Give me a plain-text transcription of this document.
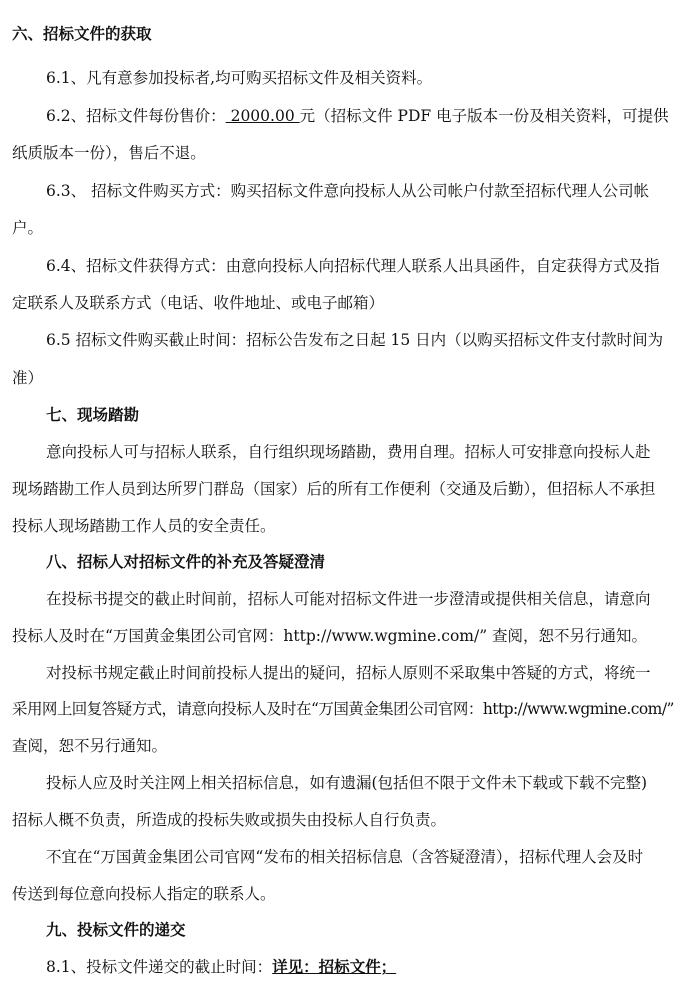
六、招标文件的获取
6.1、凡有意参加投标者,均可购买招标文件及相关资料。
6.2、招标文件每份售价： 2000.00 元（招标文件 PDF 电子版本一份及相关资料，可提供
纸质版本一份），售后不退。
6.3、 招标文件购买方式：购买招标文件意向投标人从公司帐户付款至招标代理人公司帐
户。
6.4、招标文件获得方式：由意向投标人向招标代理人联系人出具函件，自定获得方式及指
定联系人及联系方式（电话、收件地址、或电子邮箱）
6.5 招标文件购买截止时间：招标公告发布之日起 15 日内（以购买招标文件支付款时间为
准）
七、现场踏勘
意向投标人可与招标人联系，自行组织现场踏勘，费用自理。招标人可安排意向投标人赴
现场踏勘工作人员到达所罗门群岛（国家）后的所有工作便利（交通及后勤），但招标人不承担
投标人现场踏勘工作人员的安全责任。
八、招标人对招标文件的补充及答疑澄清
在投标书提交的截止时间前，招标人可能对招标文件进一步澄清或提供相关信息，请意向
投标人及时在“万国黄金集团公司官网：http://www.wgmine.com/” 查阅，恕不另行通知。
对投标书规定截止时间前投标人提出的疑问，招标人原则不采取集中答疑的方式，将统一
采用网上回复答疑方式，请意向投标人及时在“万国黄金集团公司官网：http://www.wgmine.com/”
查阅，恕不另行通知。
投标人应及时关注网上相关招标信息，如有遗漏(包括但不限于文件未下载或下载不完整)
招标人概不负责，所造成的投标失败或损失由投标人自行负责。
不宜在“万国黄金集团公司官网“发布的相关招标信息（含答疑澄清），招标代理人会及时
传送到每位意向投标人指定的联系人。
九、投标文件的递交
8.1、投标文件递交的截止时间：详见：招标文件；
